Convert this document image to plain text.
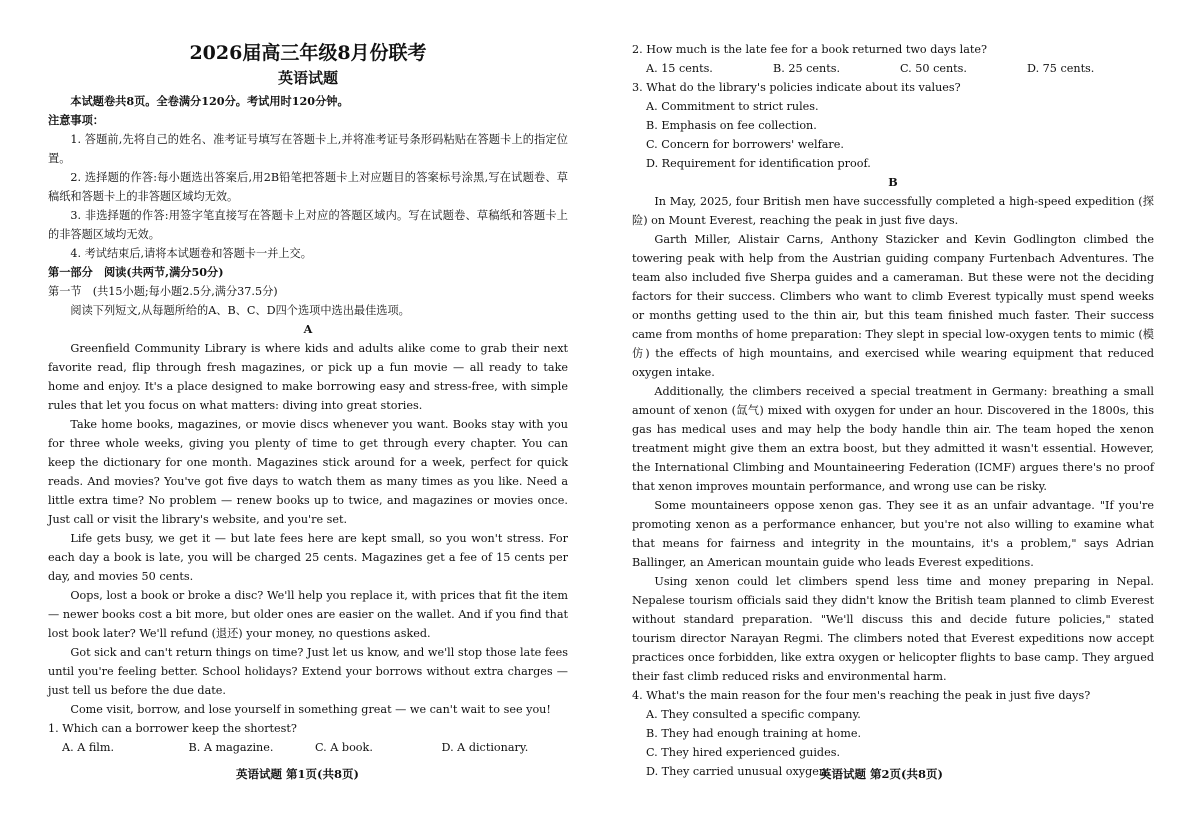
2026届高三年级8月份联考

英语试题

本试题卷共8页。全卷满分120分。考试用时120分钟。

注意事项：

1. 答题前,先将自己的姓名、准考证号填写在答题卡上,并将准考证号条形码粘贴在答题卡上的指定位置。

2. 选择题的作答:每小题选出答案后,用2B铅笔把答题卡上对应题目的答案标号涂黑,写在试题卷、草稿纸和答题卡上的非答题区域均无效。

3. 非选择题的作答:用签字笔直接写在答题卡上对应的答题区域内。写在试题卷、草稿纸和答题卡上的非答题区域均无效。

4. 考试结束后,请将本试题卷和答题卡一并上交。

第一部分　阅读(共两节,满分50分)

第一节　(共15小题;每小题2.5分,满分37.5分)

阅读下列短文,从每题所给的A、B、C、D四个选项中选出最佳选项。

A

Greenfield Community Library is where kids and adults alike come to grab their next favorite read, flip through fresh magazines, or pick up a fun movie — all ready to take home and enjoy. It's a place designed to make borrowing easy and stress-free, with simple rules that let you focus on what matters: diving into great stories.

Take home books, magazines, or movie discs whenever you want. Books stay with you for three whole weeks, giving you plenty of time to get through every chapter. You can keep the dictionary for one month. Magazines stick around for a week, perfect for quick reads. And movies? You've got five days to watch them as many times as you like. Need a little extra time? No problem — renew books up to twice, and magazines or movies once. Just call or visit the library's website, and you're set.

Life gets busy, we get it — but late fees here are kept small, so you won't stress. For each day a book is late, you will be charged 25 cents. Magazines get a fee of 15 cents per day, and movies 50 cents.

Oops, lost a book or broke a disc? We'll help you replace it, with prices that fit the item — newer books cost a bit more, but older ones are easier on the wallet. And if you find that lost book later? We'll refund (退还) your money, no questions asked.

Got sick and can't return things on time? Just let us know, and we'll stop those late fees until you're feeling better. School holidays? Extend your borrows without extra charges — just tell us before the due date.

Come visit, borrow, and lose yourself in something great — we can't wait to see you!

1. Which can a borrower keep the shortest?

A. A film.	B. A magazine.	C. A book.	D. A dictionary.

2. How much is the late fee for a book returned two days late?

A. 15 cents.	B. 25 cents.	C. 50 cents.	D. 75 cents.

3. What do the library's policies indicate about its values?

A. Commitment to strict rules.

B. Emphasis on fee collection.

C. Concern for borrowers' welfare.

D. Requirement for identification proof.

B

In May, 2025, four British men have successfully completed a high-speed expedition (探险) on Mount Everest, reaching the peak in just five days.

Garth Miller, Alistair Carns, Anthony Stazicker and Kevin Godlington climbed the towering peak with help from the Austrian guiding company Furtenbach Adventures. The team also included five Sherpa guides and a cameraman. But these were not the deciding factors for their success. Climbers who want to climb Everest typically must spend weeks or months getting used to the thin air, but this team finished much faster. Their success came from months of home preparation: They slept in special low-oxygen tents to mimic (模仿) the effects of high mountains, and exercised while wearing equipment that reduced oxygen intake.

Additionally, the climbers received a special treatment in Germany: breathing a small amount of xenon (氙气) mixed with oxygen for under an hour. Discovered in the 1800s, this gas has medical uses and may help the body handle thin air. The team hoped the xenon treatment might give them an extra boost, but they admitted it wasn't essential. However, the International Climbing and Mountaineering Federation (ICMF) argues there's no proof that xenon improves mountain performance, and wrong use can be risky.

Some mountaineers oppose xenon gas. They see it as an unfair advantage. "If you're promoting xenon as a performance enhancer, but you're not also willing to examine what that means for fairness and integrity in the mountains, it's a problem," says Adrian Ballinger, an American mountain guide who leads Everest expeditions.

Using xenon could let climbers spend less time and money preparing in Nepal. Nepalese tourism officials said they didn't know the British team planned to climb Everest without standard preparation. "We'll discuss this and decide future policies," stated tourism director Narayan Regmi. The climbers noted that Everest expeditions now accept practices once forbidden, like extra oxygen or helicopter flights to base camp. They argued their fast climb reduced risks and environmental harm.

4. What's the main reason for the four men's reaching the peak in just five days?

A. They consulted a specific company.

B. They had enough training at home.

C. They hired experienced guides.

D. They carried unusual oxygen.

英语试题 第1页(共8页)	英语试题 第2页(共8页)
